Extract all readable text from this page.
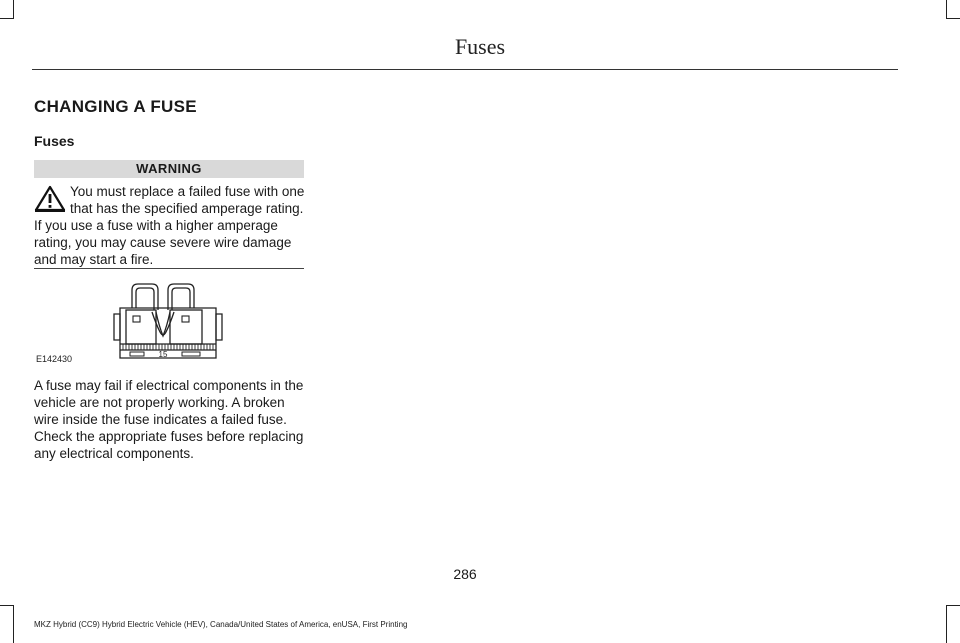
Fuses
CHANGING A FUSE
Fuses
WARNING

You must replace a failed fuse with one that has the specified amperage rating. If you use a fuse with a higher amperage rating, you may cause severe wire damage and may start a fire.

15
E142430

A fuse may fail if electrical components in the vehicle are not properly working. A broken wire inside the fuse indicates a failed fuse. Check the appropriate fuses before replacing any electrical components.

286
MKZ Hybrid (CC9) Hybrid Electric Vehicle (HEV), Canada/United States of America, enUSA, First Printing
